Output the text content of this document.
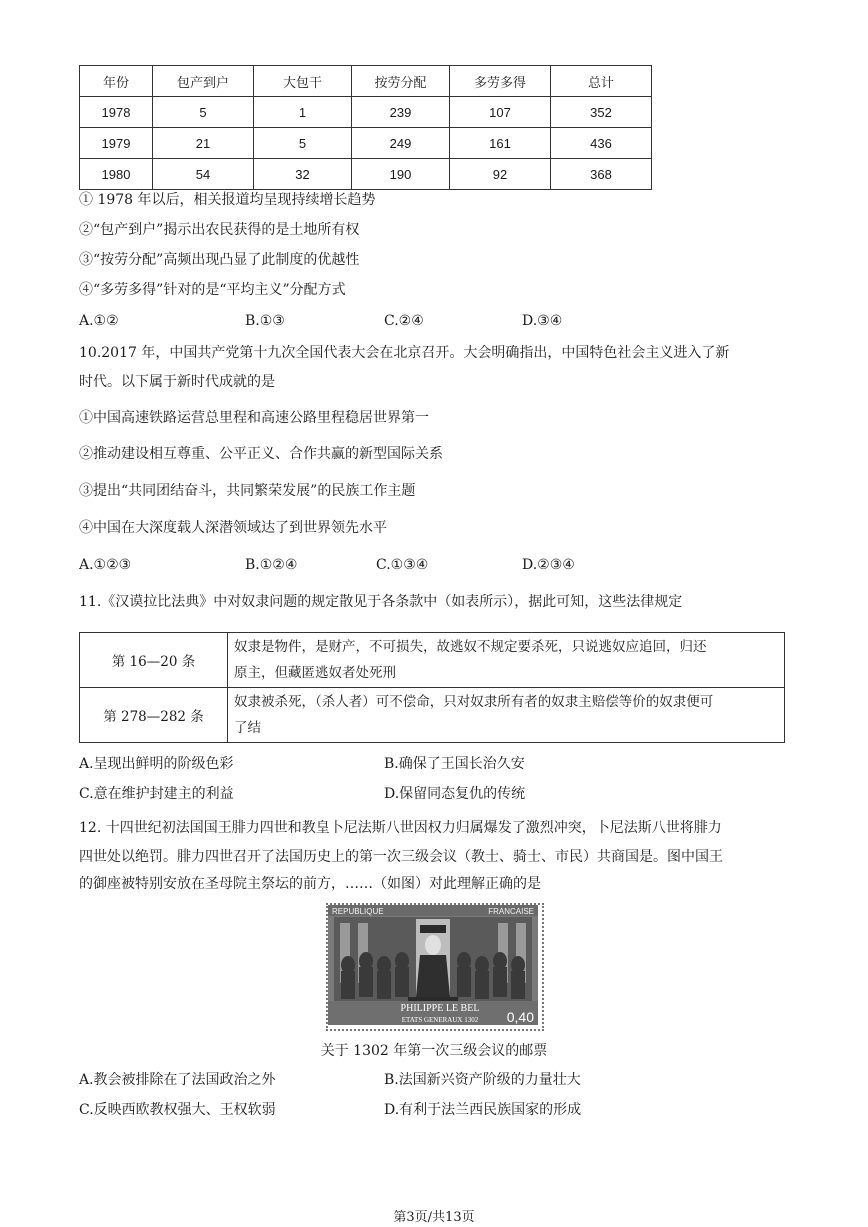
年份	包产到户	大包干	按劳分配	多劳多得	总计
1978	5	1	239	107	352
1979	21	5	249	161	436
1980	54	32	190	92	368
① 1978 年以后，相关报道均呈现持续增长趋势
②“包产到户”揭示出农民获得的是土地所有权
③“按劳分配”高频出现凸显了此制度的优越性
④“多劳多得”针对的是“平均主义”分配方式
A.①②	B.①③	C.②④	D.③④
10.2017 年，中国共产党第十九次全国代表大会在北京召开。大会明确指出，中国特色社会主义进入了新
时代。以下属于新时代成就的是
①中国高速铁路运营总里程和高速公路里程稳居世界第一
②推动建设相互尊重、公平正义、合作共赢的新型国际关系
③提出“共同团结奋斗，共同繁荣发展”的民族工作主题
④中国在大深度载人深潜领域达了到世界领先水平
A.①②③	B.①②④	C.①③④	D.②③④
11.《汉谟拉比法典》中对奴隶问题的规定散见于各条款中（如表所示），据此可知，这些法律规定
第 16—20 条	奴隶是物件，是财产，不可损失，故逃奴不规定要杀死，只说逃奴应追回，归还
原主，但藏匿逃奴者处死刑

第 278—282 条	奴隶被杀死，（杀人者）可不偿命，只对奴隶所有者的奴隶主赔偿等价的奴隶便可
了结
A.呈现出鲜明的阶级色彩	B.确保了王国长治久安
C.意在维护封建主的利益	D.保留同态复仇的传统
12. 十四世纪初法国国王腓力四世和教皇卜尼法斯八世因权力归属爆发了激烈冲突，卜尼法斯八世将腓力
四世处以绝罚。腓力四世召开了法国历史上的第一次三级会议（教士、骑士、市民）共商国是。图中国王
的御座被特别安放在圣母院主祭坛的前方，……（如图）对此理解正确的是
REPUBLIQUE	FRANCAISE
PHILIPPE LE BEL
ETATS GENERAUX 1302 0,40
关于 1302 年第一次三级会议的邮票
A.教会被排除在了法国政治之外	B.法国新兴资产阶级的力量壮大
C.反映西欧教权强大、王权软弱	D.有利于法兰西民族国家的形成
第3页/共13页
